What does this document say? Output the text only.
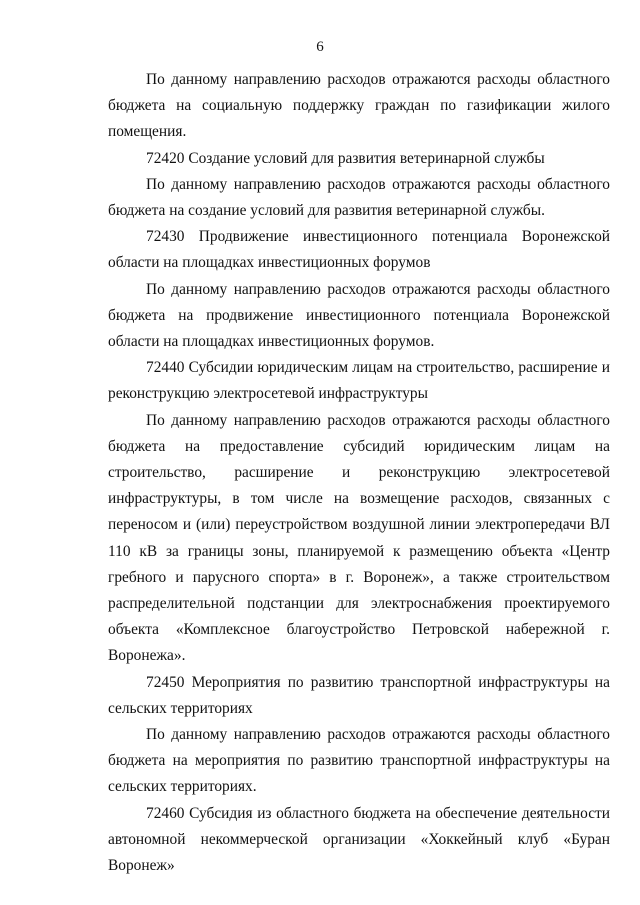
6

По данному направлению расходов отражаются расходы областного бюджета на социальную поддержку граждан по газификации жилого помещения.

72420 Создание условий для развития ветеринарной службы

По данному направлению расходов отражаются расходы областного бюджета на создание условий для развития ветеринарной службы.

72430 Продвижение инвестиционного потенциала Воронежской области на площадках инвестиционных форумов

По данному направлению расходов отражаются расходы областного бюджета на продвижение инвестиционного потенциала Воронежской области на площадках инвестиционных форумов.

72440 Субсидии юридическим лицам на строительство, расширение и реконструкцию электросетевой инфраструктуры

По данному направлению расходов отражаются расходы областного бюджета на предоставление субсидий юридическим лицам на строительство, расширение и реконструкцию электросетевой инфраструктуры, в том числе на возмещение расходов, связанных с переносом и (или) переустройством воздушной линии электропередачи ВЛ 110 кВ за границы зоны, планируемой к размещению объекта «Центр гребного и парусного спорта» в г. Воронеж», а также строительством распределительной подстанции для электроснабжения проектируемого объекта «Комплексное благоустройство Петровской набережной г. Воронежа».

72450 Мероприятия по развитию транспортной инфраструктуры на сельских территориях

По данному направлению расходов отражаются расходы областного бюджета на мероприятия по развитию транспортной инфраструктуры на сельских территориях.

72460 Субсидия из областного бюджета на обеспечение деятельности автономной некоммерческой организации «Хоккейный клуб «Буран Воронеж»
